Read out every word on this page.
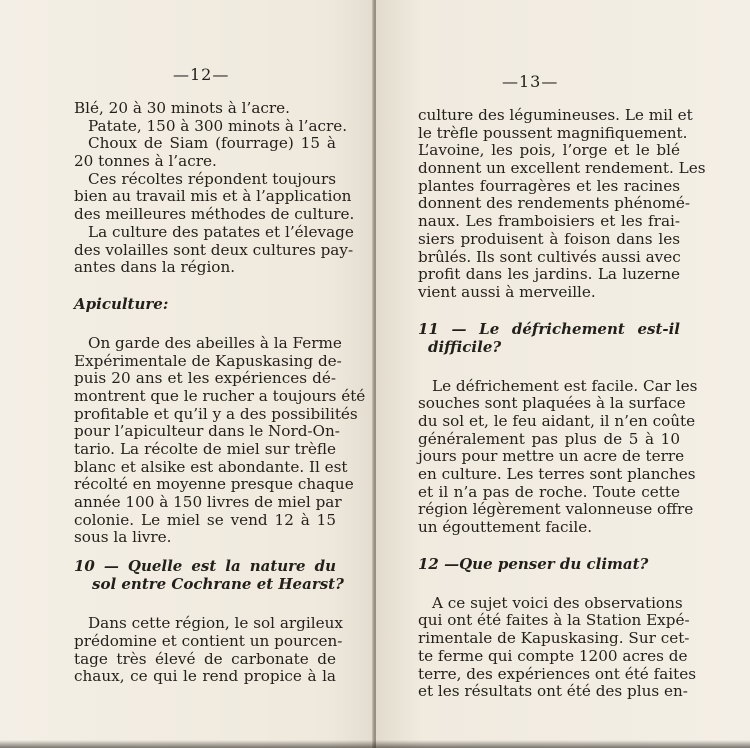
—12—
Blé, 20 à 30 minots à l’acre.
Patate, 150 à 300 minots à l’acre.
Choux de Siam (fourrage) 15 à
20 tonnes à l’acre.
Ces récoltes répondent toujours
bien au travail mis et à l’application
des meilleures méthodes de culture.
La culture des patates et l’élevage
des volailles sont deux cultures pay-
antes dans la région.
Apiculture:
On garde des abeilles à la Ferme
Expérimentale de Kapuskasing de-
puis 20 ans et les expériences dé-
montrent que le rucher a toujours été
profitable et qu’il y a des possibilités
pour l’apiculteur dans le Nord-On-
tario. La récolte de miel sur trèfle
blanc et alsike est abondante. Il est
récolté en moyenne presque chaque
année 100 à 150 livres de miel par
colonie. Le miel se vend 12 à 15
sous la livre.
10 — Quelle est la nature du
sol entre Cochrane et Hearst?
Dans cette région, le sol argileux
prédomine et contient un pourcen-
tage très élevé de carbonate de
chaux, ce qui le rend propice à la
—13—
culture des légumineuses. Le mil et
le trèfle poussent magnifiquement.
L’avoine, les pois, l’orge et le blé
donnent un excellent rendement. Les
plantes fourragères et les racines
donnent des rendements phénomé-
naux. Les framboisiers et les frai-
siers produisent à foison dans les
brûlés. Ils sont cultivés aussi avec
profit dans les jardins. La luzerne
vient aussi à merveille.
11 — Le défrichement est-il
difficile?
Le défrichement est facile. Car les
souches sont plaquées à la surface
du sol et, le feu aidant, il n’en coûte
généralement pas plus de 5 à 10
jours pour mettre un acre de terre
en culture. Les terres sont planches
et il n’a pas de roche. Toute cette
région légèrement valonneuse offre
un égouttement facile.
12 —Que penser du climat?
A ce sujet voici des observations
qui ont été faites à la Station Expé-
rimentale de Kapuskasing. Sur cet-
te ferme qui compte 1200 acres de
terre, des expériences ont été faites
et les résultats ont été des plus en-
